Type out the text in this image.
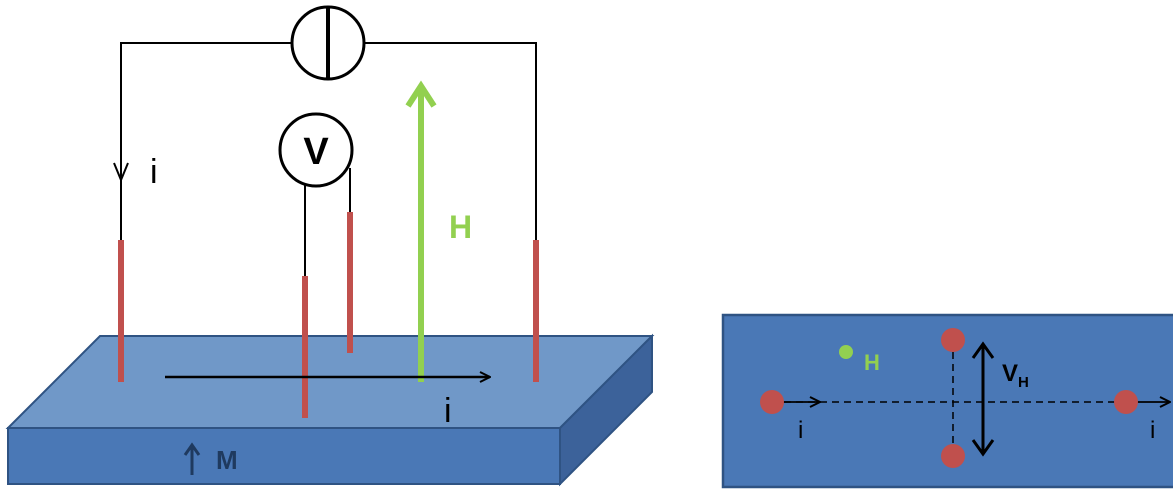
i	V
H
i
M
H	$V_H$
i	i
